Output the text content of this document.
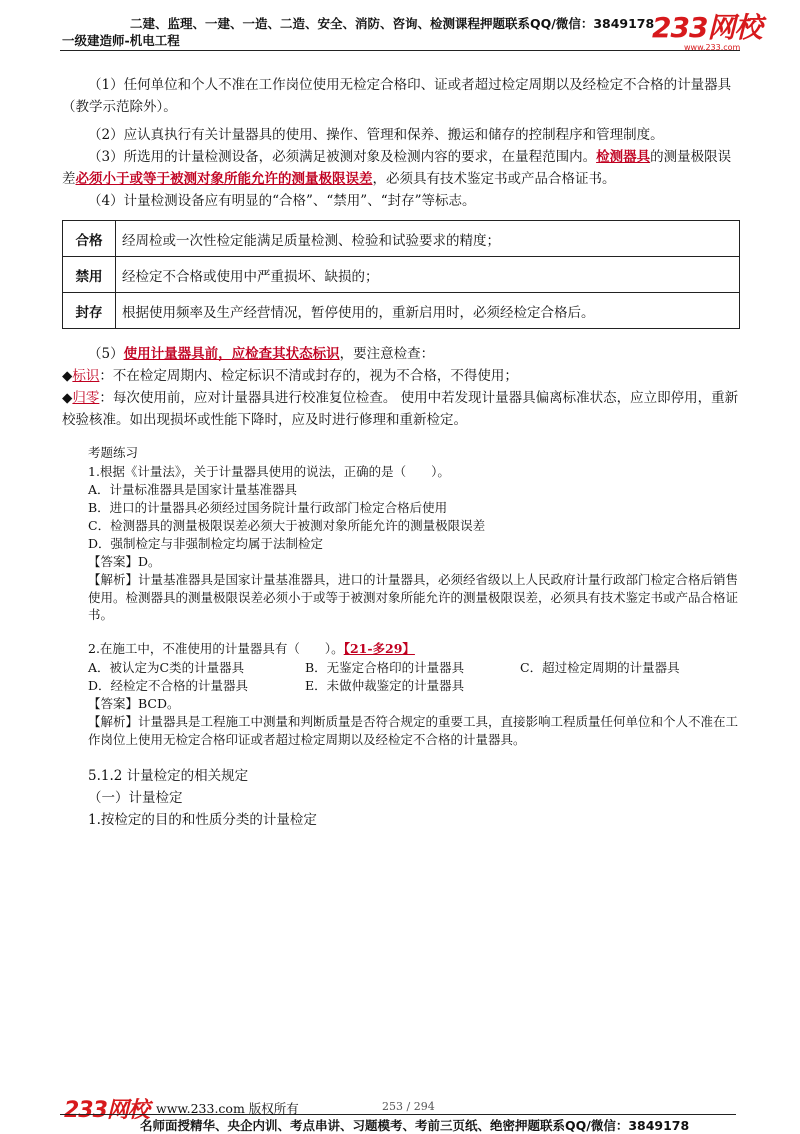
二建、监理、一建、一造、二造、安全、消防、咨询、检测课程押题联系QQ/微信：3849178
一级建造师-机电工程	233网校
www.233.com
（1）任何单位和个人不准在工作岗位使用无检定合格印、证或者超过检定周期以及经检定不合格的计量器具（教学示范除外）。
（2）应认真执行有关计量器具的使用、操作、管理和保养、搬运和储存的控制程序和管理制度。
（3）所选用的计量检测设备，必须满足被测对象及检测内容的要求，在量程范围内。检测器具的测量极限误差必须小于或等于被测对象所能允许的测量极限误差，必须具有技术鉴定书或产品合格证书。
（4）计量检测设备应有明显的“合格”、“禁用”、“封存”等标志。
合格	经周检或一次性检定能满足质量检测、检验和试验要求的精度；
禁用	经检定不合格或使用中严重损坏、缺损的；
封存	根据使用频率及生产经营情况，暂停使用的，重新启用时，必须经检定合格后。
（5）使用计量器具前，应检查其状态标识，要注意检查：
◆标识：不在检定周期内、检定标识不清或封存的，视为不合格，不得使用；
◆归零：每次使用前，应对计量器具进行校准复位检查。 使用中若发现计量器具偏离标准状态，应立即停用，重新校验核准。如出现损坏或性能下降时，应及时进行修理和重新检定。
考题练习
1.根据《计量法》，关于计量器具使用的说法，正确的是（　　）。
A．计量标准器具是国家计量基准器具
B．进口的计量器具必须经过国务院计量行政部门检定合格后使用
C．检测器具的测量极限误差必须大于被测对象所能允许的测量极限误差
D．强制检定与非强制检定均属于法制检定
【答案】D。
【解析】计量基准器具是国家计量基准器具，进口的计量器具，必须经省级以上人民政府计量行政部门检定合格后销售使用。检测器具的测量极限误差必须小于或等于被测对象所能允许的测量极限误差，必须具有技术鉴定书或产品合格证书。
2.在施工中，不准使用的计量器具有（　　）。【21-多29】
A．被认定为C类的计量器具	B．无鉴定合格印的计量器具	C．超过检定周期的计量器具
D．经检定不合格的计量器具	E．未做仲裁鉴定的计量器具
【答案】BCD。
【解析】计量器具是工程施工中测量和判断质量是否符合规定的重要工具，直接影响工程质量任何单位和个人不准在工作岗位上使用无检定合格印证或者超过检定周期以及经检定不合格的计量器具。
5.1.2 计量检定的相关规定
（一）计量检定
1.按检定的目的和性质分类的计量检定
233网校 www.233.com 版权所有	253 / 294
名师面授精华、央企内训、考点串讲、习题模考、考前三页纸、绝密押题联系QQ/微信：3849178
